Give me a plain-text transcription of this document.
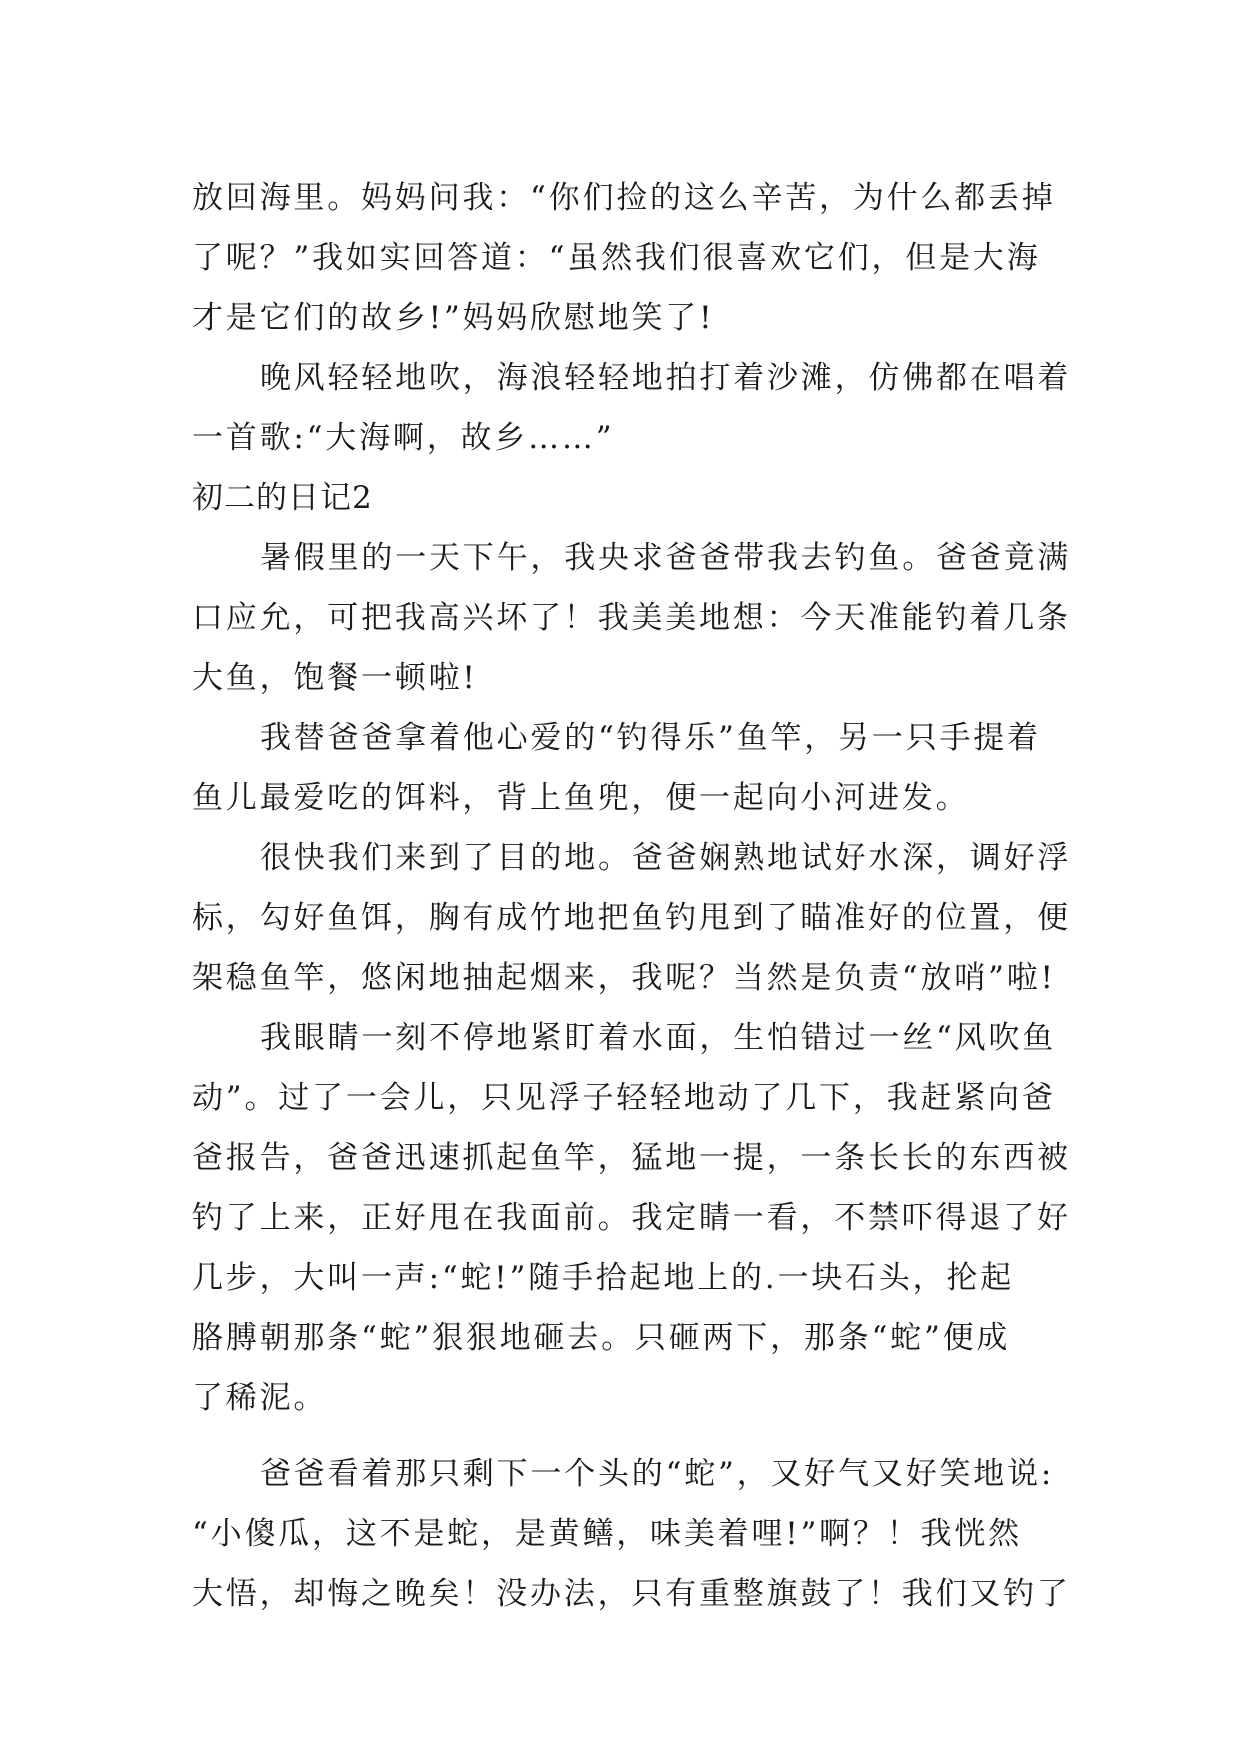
放回海里。妈妈问我：“你们捡的这么辛苦，为什么都丢掉
了呢？”我如实回答道：“虽然我们很喜欢它们，但是大海
才是它们的故乡!”妈妈欣慰地笑了!
晚风轻轻地吹，海浪轻轻地拍打着沙滩，仿佛都在唱着
一首歌:“大海啊，故乡……”
初二的日记2
暑假里的一天下午，我央求爸爸带我去钓鱼。爸爸竟满
口应允，可把我高兴坏了！我美美地想：今天准能钓着几条
大鱼，饱餐一顿啦!
我替爸爸拿着他心爱的“钓得乐”鱼竿，另一只手提着
鱼儿最爱吃的饵料，背上鱼兜，便一起向小河进发。
很快我们来到了目的地。爸爸娴熟地试好水深，调好浮
标，勾好鱼饵，胸有成竹地把鱼钓甩到了瞄准好的位置，便
架稳鱼竿，悠闲地抽起烟来，我呢？当然是负责“放哨”啦!
我眼睛一刻不停地紧盯着水面，生怕错过一丝“风吹鱼
动”。过了一会儿，只见浮子轻轻地动了几下，我赶紧向爸
爸报告，爸爸迅速抓起鱼竿，猛地一提，一条长长的东西被
钓了上来，正好甩在我面前。我定睛一看，不禁吓得退了好
几步，大叫一声:“蛇!”随手拾起地上的.一块石头，抡起
胳膊朝那条“蛇”狠狠地砸去。只砸两下，那条“蛇”便成
了稀泥。
爸爸看着那只剩下一个头的“蛇”，又好气又好笑地说:
“小傻瓜，这不是蛇，是黄鳝，味美着哩!”啊？！我恍然
大悟，却悔之晚矣！没办法，只有重整旗鼓了！我们又钓了
